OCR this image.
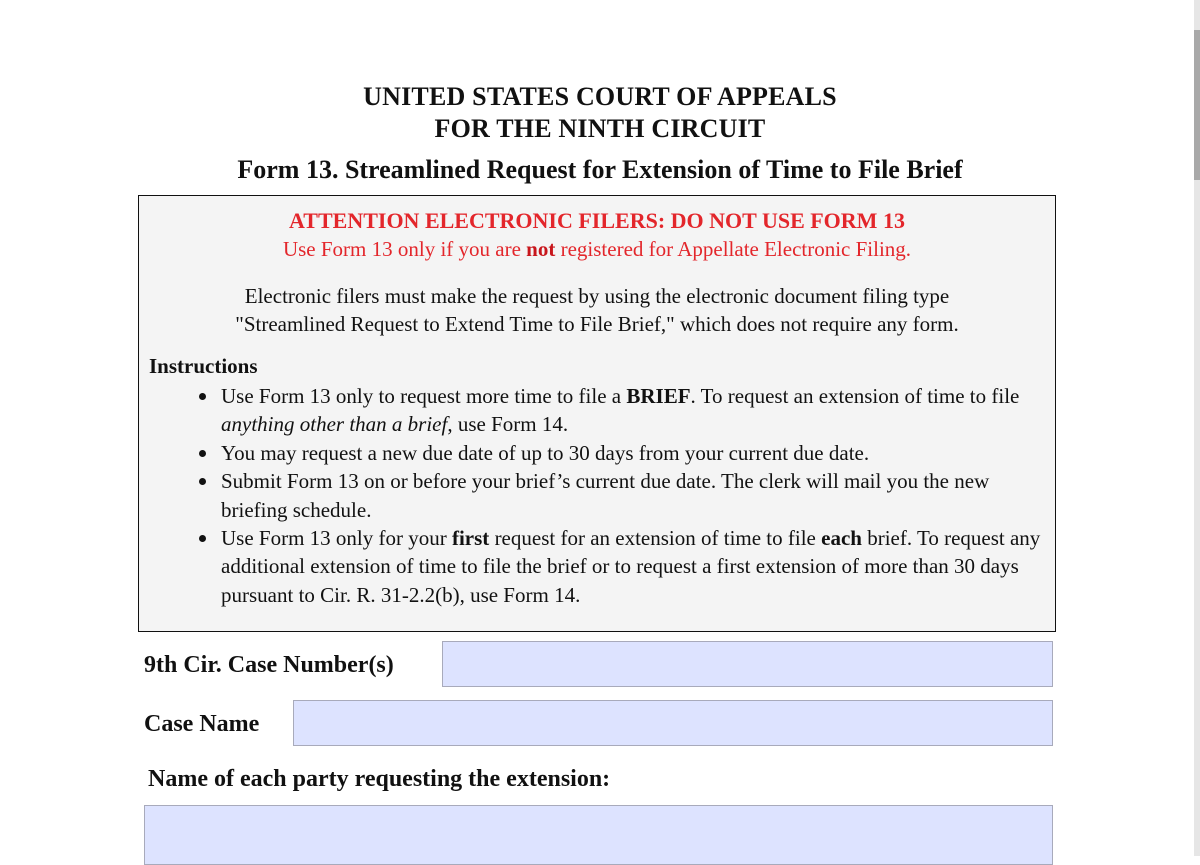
UNITED STATES COURT OF APPEALS
FOR THE NINTH CIRCUIT
Form 13. Streamlined Request for Extension of Time to File Brief

ATTENTION ELECTRONIC FILERS: DO NOT USE FORM 13

Use Form 13 only if you are not registered for Appellate Electronic Filing.

Electronic filers must make the request by using the electronic document filing type
"Streamlined Request to Extend Time to File Brief," which does not require any form.

Instructions

Use Form 13 only to request more time to file a BRIEF. To request an extension of time to file anything other than a brief, use Form 14.
You may request a new due date of up to 30 days from your current due date.
Submit Form 13 on or before your brief’s current due date. The clerk will mail you the new briefing schedule.
Use Form 13 only for your first request for an extension of time to file each brief. To request any additional extension of time to file the brief or to request a first extension of more than 30 days pursuant to Cir. R. 31-2.2(b), use Form 14.
9th Cir. Case Number(s)
Case Name
Name of each party requesting the extension:
